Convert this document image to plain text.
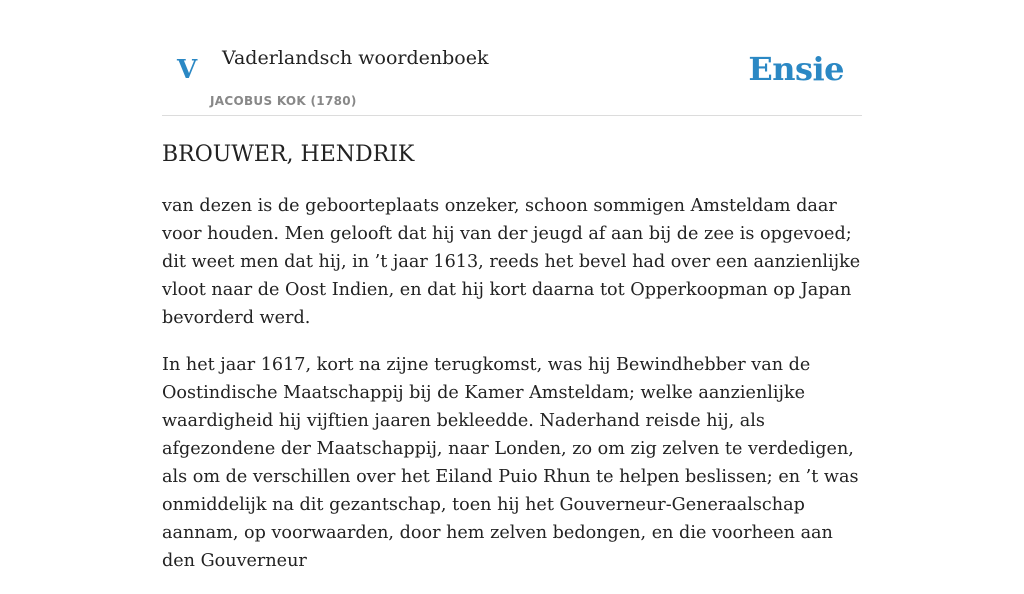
V Vaderlandsch woordenboek
JACOBUS KOK (1780)
Ensie
BROUWER, HENDRIK

van dezen is de geboorteplaats onzeker, schoon sommigen Amsteldam daar voor houden. Men gelooft dat hij van der jeugd af aan bij de zee is opgevoed; dit weet men dat hij, in ’t jaar 1613, reeds het bevel had over een aanzienlijke vloot naar de Oost Indien, en dat hij kort daarna tot Opperkoopman op Japan bevorderd werd.

In het jaar 1617, kort na zijne terugkomst, was hij Bewindhebber van de Oostindische Maatschappij bij de Kamer Amsteldam; welke aanzienlijke waardigheid hij vijftien jaaren bekleedde. Naderhand reisde hij, als afgezondene der Maatschappij, naar Londen, zo om zig zelven te verdedigen, als om de verschillen over het Eiland Puio Rhun te helpen beslissen; en ’t was onmiddelijk na dit gezantschap, toen hij het Gouverneur-Generaalschap aannam, op voorwaarden, door hem zelven bedongen, en die voorheen aan den Gouverneur
